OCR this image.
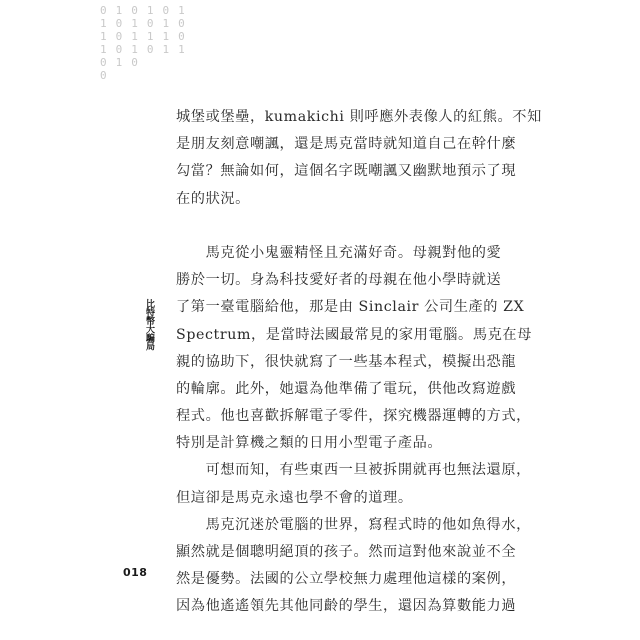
0
1
1
1
0
0
1
0
0
0
1
0
1
1
1
0
1
0
1
0
0
1
1
1
1
0
0
1
城堡或堡壘，kumakichi 則呼應外表像人的紅熊。不知
是朋友刻意嘲諷，還是馬克當時就知道自己在幹什麼
勾當？無論如何，這個名字既嘲諷又幽默地預示了現
在的狀況。
　　馬克從小鬼靈精怪且充滿好奇。母親對他的愛
勝於一切。身為科技愛好者的母親在他小學時就送
了第一臺電腦給他，那是由 Sinclair 公司生產的 ZX
Spectrum，是當時法國最常見的家用電腦。馬克在母
親的協助下，很快就寫了一些基本程式，模擬出恐龍
的輪廓。此外，她還為他準備了電玩，供他改寫遊戲
程式。他也喜歡拆解電子零件，探究機器運轉的方式，
特別是計算機之類的日用小型電子產品。
　　可想而知，有些東西一旦被拆開就再也無法還原，
但這卻是馬克永遠也學不會的道理。
　　馬克沉迷於電腦的世界，寫程式時的他如魚得水，
顯然就是個聰明絕頂的孩子。然而這對他來說並不全
然是優勢。法國的公立學校無力處理他這樣的案例，
因為他遙遙領先其他同齡的學生，還因為算數能力過
比特幣大騙局
018
